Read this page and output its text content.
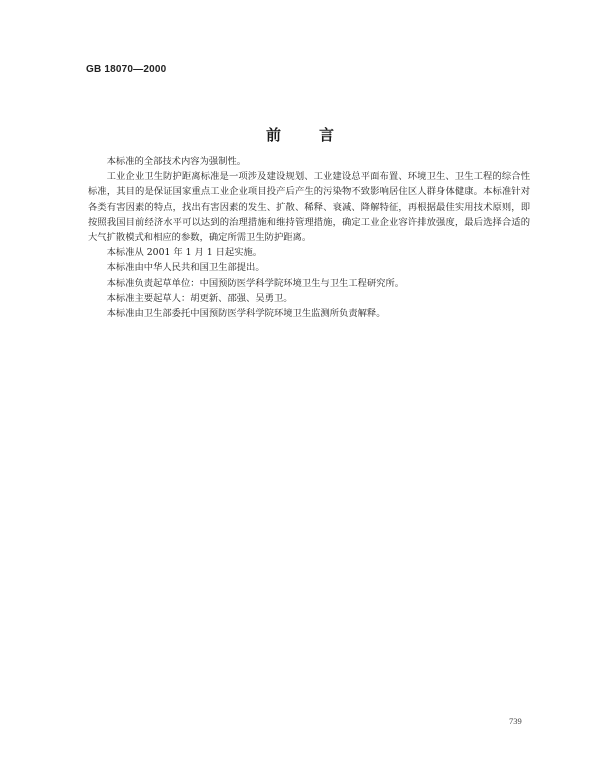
GB 18070—2000
前言

本标准的全部技术内容为强制性。

工业企业卫生防护距离标准是一项涉及建设规划、工业建设总平面布置、环境卫生、卫生工程的综合性标准，其目的是保证国家重点工业企业项目投产后产生的污染物不致影响居住区人群身体健康。本标准针对各类有害因素的特点，找出有害因素的发生、扩散、稀释、衰减、降解特征，再根据最佳实用技术原则，即按照我国目前经济水平可以达到的治理措施和维持管理措施，确定工业企业容许排放强度，最后选择合适的大气扩散模式和相应的参数，确定所需卫生防护距离。

本标准从 2001 年 1 月 1 日起实施。

本标准由中华人民共和国卫生部提出。

本标准负责起草单位：中国预防医学科学院环境卫生与卫生工程研究所。

本标准主要起草人：胡更新、邵强、吴勇卫。

本标准由卫生部委托中国预防医学科学院环境卫生监测所负责解释。

739
